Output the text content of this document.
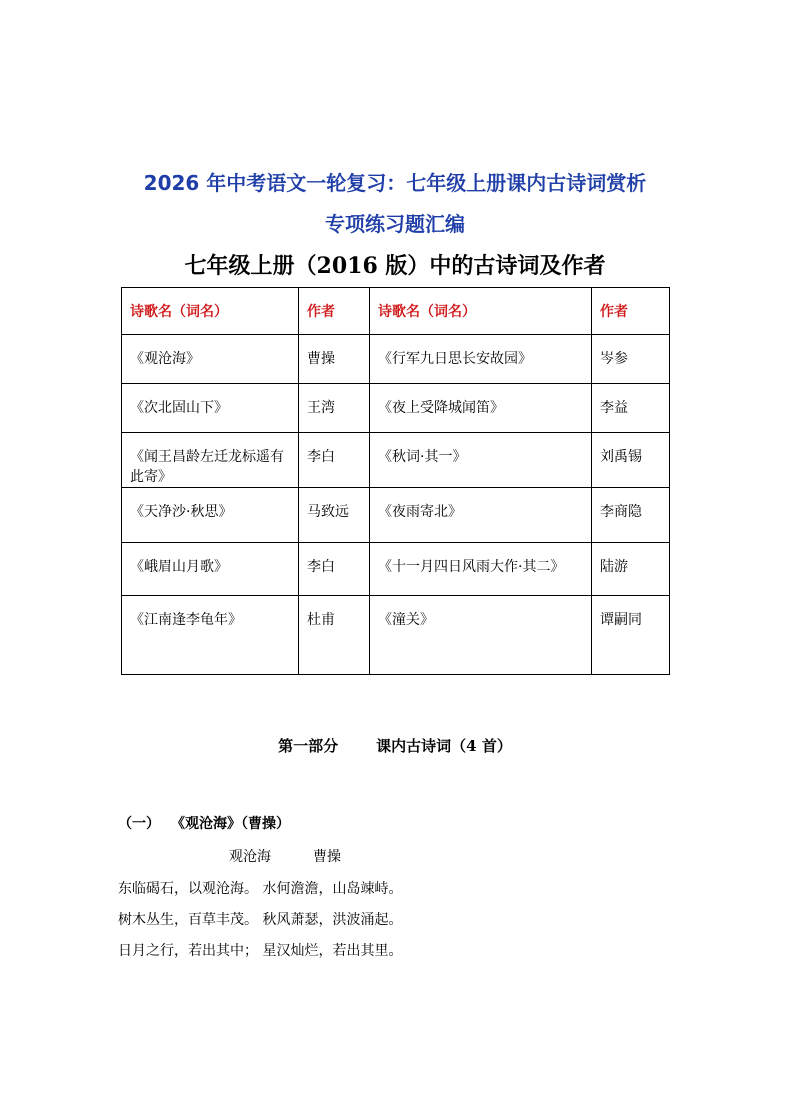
2026 年中考语文一轮复习：七年级上册课内古诗词赏析
专项练习题汇编
七年级上册（2016 版）中的古诗词及作者
诗歌名（词名）	作者	诗歌名（词名）	作者
《观沧海》	曹操	《行军九日思长安故园》	岑参
《次北固山下》	王湾	《夜上受降城闻笛》	李益
《闻王昌龄左迁龙标遥有此寄》	李白	《秋词·其一》	刘禹锡
《天净沙·秋思》	马致远	《夜雨寄北》	李商隐
《峨眉山月歌》	李白	《十一月四日风雨大作·其二》	陆游
《江南逢李龟年》	杜甫	《潼关》	谭嗣同
第一部分	课内古诗词（4 首）
（一） 《观沧海》（曹操）
观沧海	曹操
东临碣石，以观沧海。 水何澹澹，山岛竦峙。
树木丛生，百草丰茂。 秋风萧瑟，洪波涌起。
日月之行，若出其中； 星汉灿烂，若出其里。
